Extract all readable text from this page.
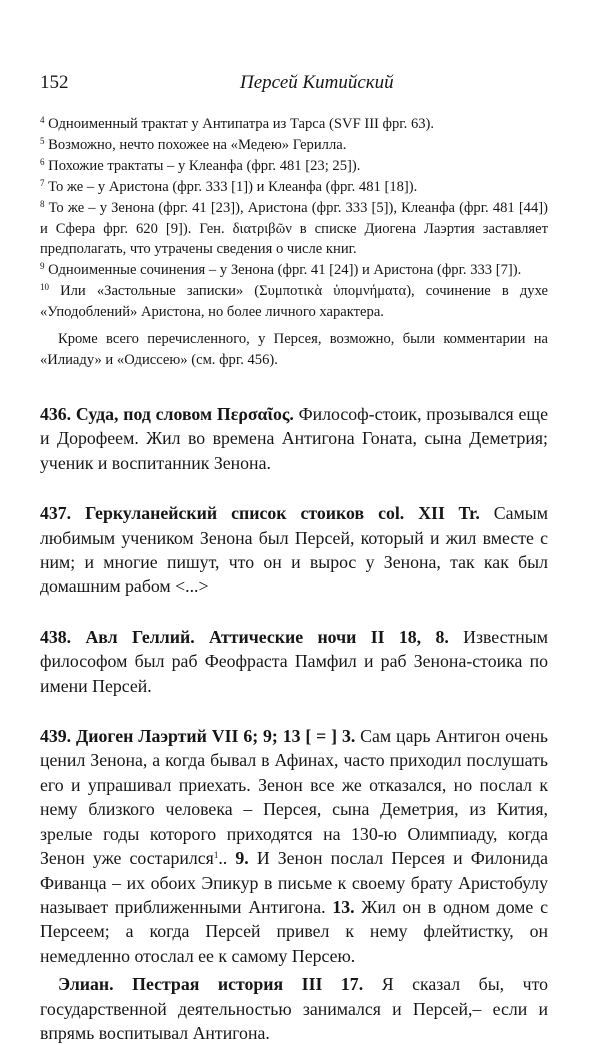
152	Персей Китийский

$^4$ Одноименный трактат у Антипатра из Тарса (SVF III фрг. 63).

$^5$ Возможно, нечто похожее на «Медею» Герилла.

$^6$ Похожие трактаты – у Клеанфа (фрг. 481 [23; 25]).

$^7$ То же – у Аристона (фрг. 333 [1]) и Клеанфа (фрг. 481 [18]).

$^8$ То же – у Зенона (фрг. 41 [23]), Аристона (фрг. 333 [5]), Клеанфа (фрг. 481 [44]) и Сфера фрг. 620 [9]). Ген. διατριβῶν в списке Диогена Лаэртия заставляет предполагать, что утрачены сведения о числе книг.

$^9$ Одноименные сочинения – у Зенона (фрг. 41 [24]) и Аристона (фрг. 333 [7]).

$^{10}$ Или «Застольные записки» (Συμποτικὰ ὑπομνήματα), сочинение в духе «Уподоблений» Аристона, но более личного характера.

Кроме всего перечисленного, у Персея, возможно, были комментарии на «Илиаду» и «Одиссею» (см. фрг. 456).

436. Суда, под словом Περσαῖος. Философ-стоик, прозывался еще и Дорофеем. Жил во времена Антигона Гоната, сына Деметрия; ученик и воспитанник Зенона.

437. Геркуланейский список стоиков col. XII Tr. Самым любимым учеником Зенона был Персей, который и жил вместе с ним; и многие пишут, что он и вырос у Зенона, так как был домашним рабом <...>

438. Авл Геллий. Аттические ночи II 18, 8. Известным философом был раб Феофраста Памфил и раб Зенона-стоика по имени Персей.

439. Диоген Лаэртий VII 6; 9; 13 [ = ] 3. Сам царь Антигон очень ценил Зенона, а когда бывал в Афинах, часто приходил послушать его и упрашивал приехать. Зенон все же отказался, но послал к нему близкого человека – Персея, сына Деметрия, из Кития, зрелые годы которого приходятся на 130-ю Олимпиаду, когда Зенон уже состарился$^1$.. 9. И Зенон послал Персея и Филонида Фиванца – их обоих Эпикур в письме к своему брату Аристобулу называет приближенными Антигона. 13. Жил он в одном доме с Персеем; а когда Персей привел к нему флейтистку, он немедленно отослал ее к самому Персею.

Элиан. Пестрая история III 17. Я сказал бы, что государственной деятельностью занимался и Персей,– если и впрямь воспитывал Антигона.
